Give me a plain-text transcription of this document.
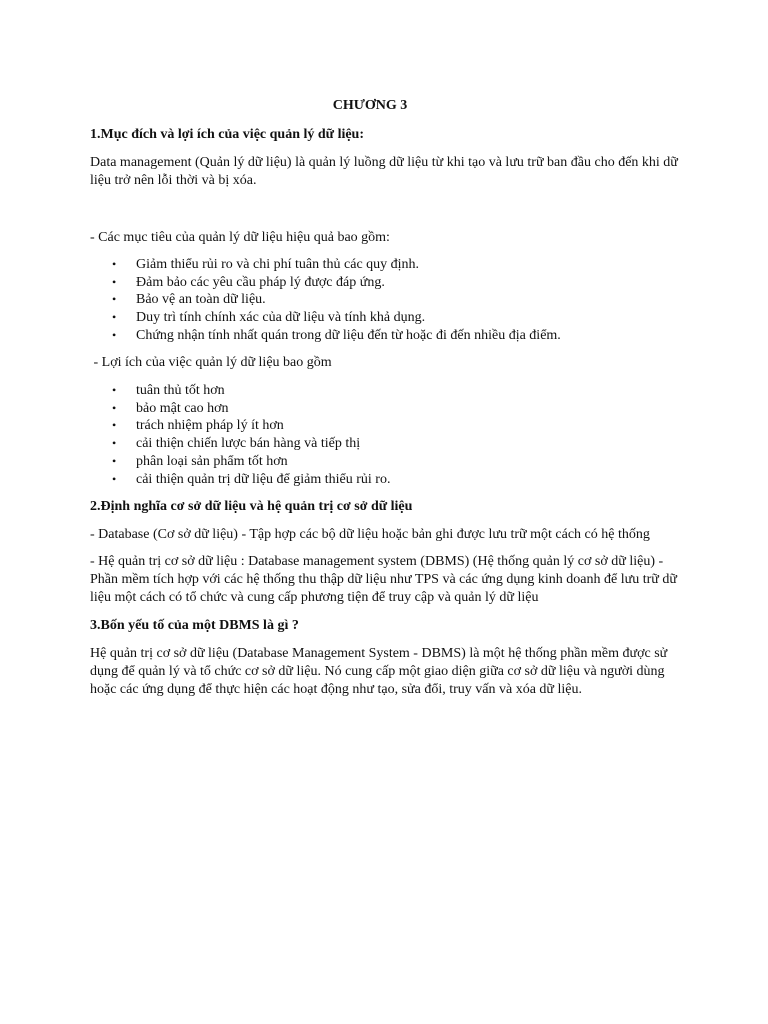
CHƯƠNG 3
1.Mục đích và lợi ích của việc quản lý dữ liệu:
Data management (Quản lý dữ liệu) là quản lý luồng dữ liệu từ khi tạo và lưu trữ ban đầu cho đến khi dữ liệu trở nên lỗi thời và bị xóa.
- Các mục tiêu của quản lý dữ liệu hiệu quả bao gồm:
• Giảm thiểu rủi ro và chi phí tuân thủ các quy định.
• Đảm bảo các yêu cầu pháp lý được đáp ứng.
• Bảo vệ an toàn dữ liệu.
• Duy trì tính chính xác của dữ liệu và tính khả dụng.
• Chứng nhận tính nhất quán trong dữ liệu đến từ hoặc đi đến nhiều địa điểm.
- Lợi ích của việc quản lý dữ liệu bao gồm
• tuân thủ tốt hơn
• bảo mật cao hơn
• trách nhiệm pháp lý ít hơn
• cải thiện chiến lược bán hàng và tiếp thị
• phân loại sản phẩm tốt hơn
• cải thiện quản trị dữ liệu để giảm thiểu rủi ro.
2.Định nghĩa cơ sở dữ liệu và hệ quản trị cơ sở dữ liệu
- Database (Cơ sở dữ liệu) - Tập hợp các bộ dữ liệu hoặc bản ghi được lưu trữ một cách có hệ thống
- Hệ quản trị cơ sở dữ liệu : Database management system (DBMS) (Hệ thống quản lý cơ sở dữ liệu) - Phần mềm tích hợp với các hệ thống thu thập dữ liệu như TPS và các ứng dụng kinh doanh để lưu trữ dữ liệu một cách có tổ chức và cung cấp phương tiện để truy cập và quản lý dữ liệu
3.Bốn yếu tố của một DBMS là gì ?
Hệ quản trị cơ sở dữ liệu (Database Management System - DBMS) là một hệ thống phần mềm được sử dụng để quản lý và tổ chức cơ sở dữ liệu. Nó cung cấp một giao diện giữa cơ sở dữ liệu và người dùng hoặc các ứng dụng để thực hiện các hoạt động như tạo, sửa đổi, truy vấn và xóa dữ liệu.
